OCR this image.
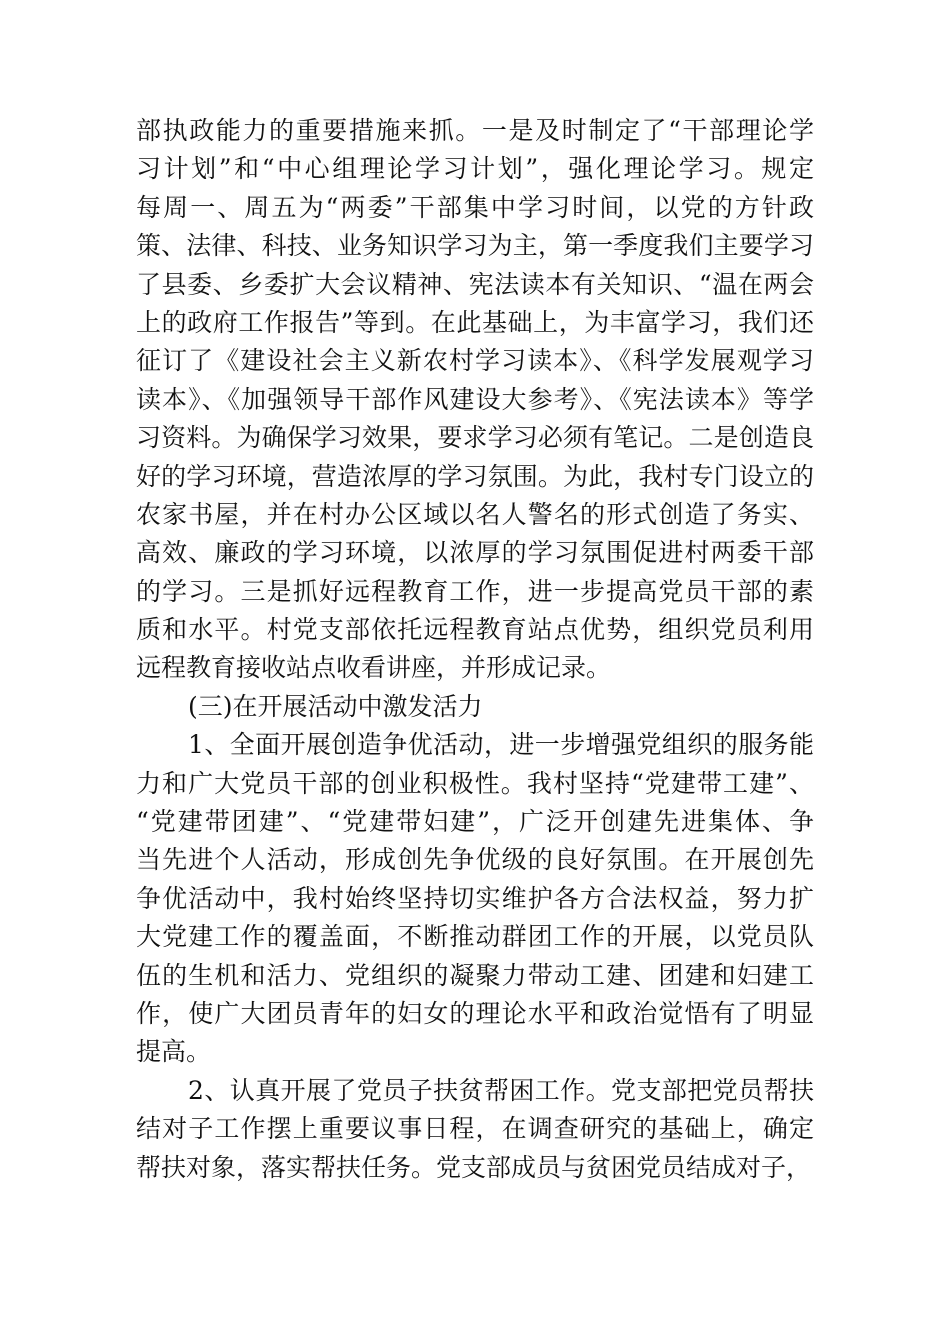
部执政能力的重要措施来抓。一是及时制定了“干部理论学
习计划”和“中心组理论学习计划”，强化理论学习。规定
每周一、周五为“两委”干部集中学习时间，以党的方针政
策、法律、科技、业务知识学习为主，第一季度我们主要学习
了县委、乡委扩大会议精神、宪法读本有关知识、“温在两会
上的政府工作报告”等到。在此基础上，为丰富学习，我们还
征订了《建设社会主义新农村学习读本》、《科学发展观学习
读本》、《加强领导干部作风建设大参考》、《宪法读本》等学
习资料。为确保学习效果，要求学习必须有笔记。二是创造良
好的学习环境，营造浓厚的学习氛围。为此，我村专门设立的
农家书屋，并在村办公区域以名人警名的形式创造了务实、
高效、廉政的学习环境，以浓厚的学习氛围促进村两委干部
的学习。三是抓好远程教育工作，进一步提高党员干部的素
质和水平。村党支部依托远程教育站点优势，组织党员利用
远程教育接收站点收看讲座，并形成记录。
(三)在开展活动中激发活力
1、全面开展创造争优活动，进一步增强党组织的服务能
力和广大党员干部的创业积极性。我村坚持“党建带工建”、
“党建带团建”、“党建带妇建”，广泛开创建先进集体、争
当先进个人活动，形成创先争优级的良好氛围。在开展创先
争优活动中，我村始终坚持切实维护各方合法权益，努力扩
大党建工作的覆盖面，不断推动群团工作的开展，以党员队
伍的生机和活力、党组织的凝聚力带动工建、团建和妇建工
作，使广大团员青年的妇女的理论水平和政治觉悟有了明显
提高。
2、认真开展了党员子扶贫帮困工作。党支部把党员帮扶
结对子工作摆上重要议事日程，在调查研究的基础上，确定
帮扶对象，落实帮扶任务。党支部成员与贫困党员结成对子，
